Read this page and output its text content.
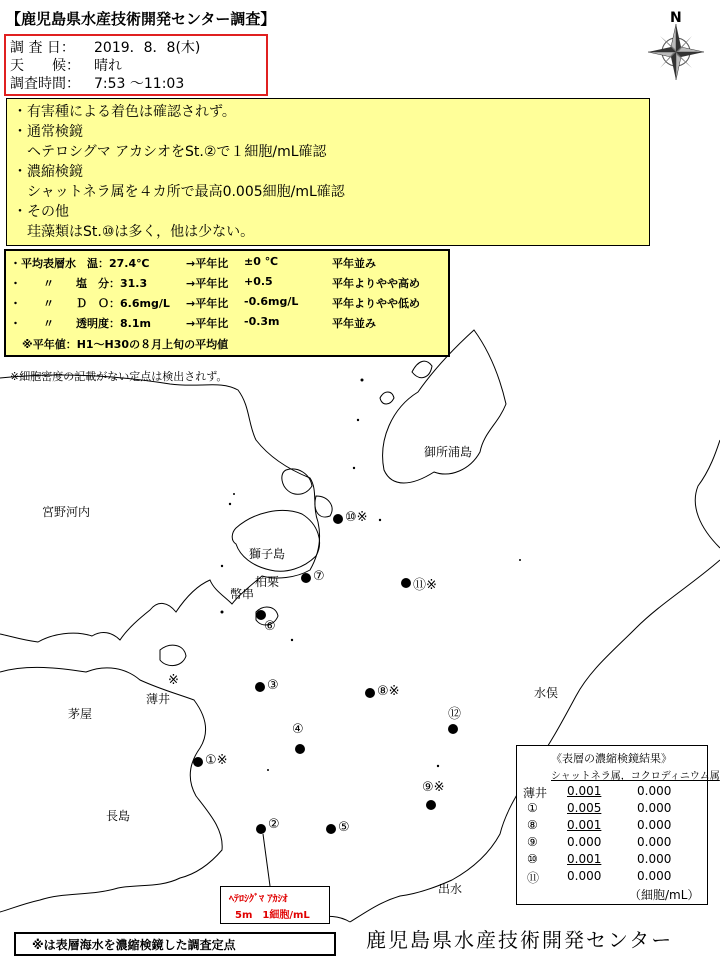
【鹿児島県水産技術開発センター調査】
調 査 日： 2019．8．8(木)
天　　候： 晴れ
調査時間： 7:53 ～11:03
N
・有害種による着色は確認されず。
・通常検鏡
　ヘテロシグマ アカシオをSt.②で１細胞/mL確認
・濃縮検鏡
　シャットネラ属を４カ所で最高0.005細胞/mL確認
・その他
　珪藻類はSt.⑩は多く，他は少ない。
御所浦島
宮野河内
獅子島
柏栗
幣串
薄井
茅屋
水俣
長島
出水
⑩※
⑦
⑪※
⑥
③	⑧※
⑫
④
①※
⑨※
②	⑤
※
・平均表層水　温：27.4℃	→平年比 ±0 ℃	平年並み
・　　〃　　塩　分：31.3	→平年比 +0.5	平年よりやや高め
・　　〃　　Ｄ　Ｏ：6.6mg/L →平年比 -0.6mg/L	平年よりやや低め
・　　〃　　透明度：8.1m	→平年比 -0.3m	平年並み
※平年値：H1～H30の８月上旬の平均値
※細胞密度の記載がない定点は検出されず。
《表層の濃縮検鏡結果》
シャットネラ属，コクロディニウム属
薄井 0.001	0.000
① 0.005	0.000
⑧ 0.001	0.000
⑨ 0.000	0.000
⑩ 0.001	0.000
⑪ 0.000	0.000
（細胞/mL）
ﾍﾃﾛｼｸﾞﾏ ｱｶｼｵ
5m　1細胞/mL
※は表層海水を濃縮検鏡した調査定点	鹿児島県水産技術開発センター
